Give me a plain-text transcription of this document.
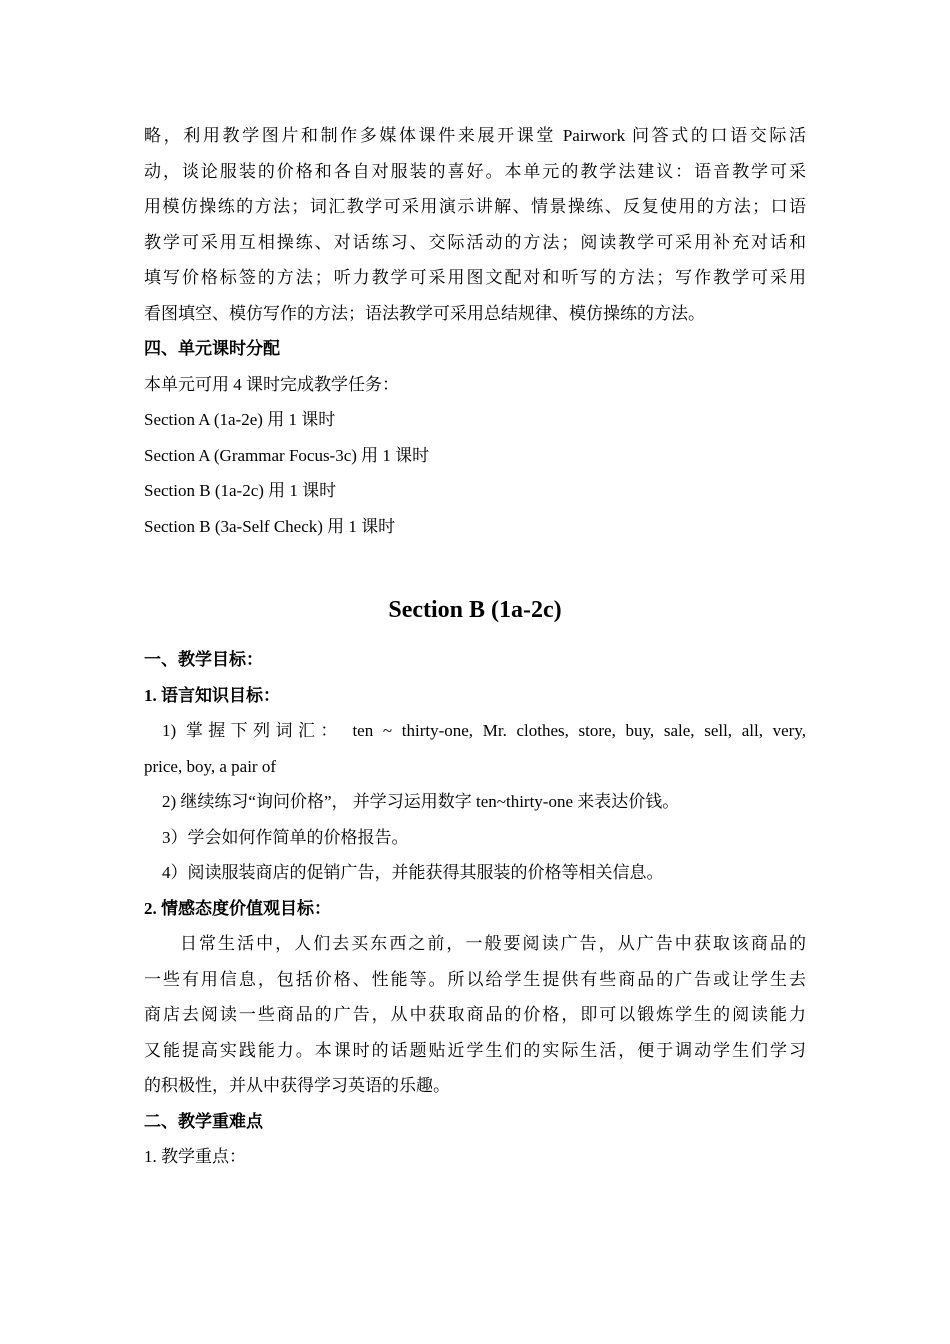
略，利用教学图片和制作多媒体课件来展开课堂 Pairwork 问答式的口语交际活
动，谈论服装的价格和各自对服装的喜好。本单元的教学法建议：语音教学可采
用模仿操练的方法；词汇教学可采用演示讲解、情景操练、反复使用的方法；口语
教学可采用互相操练、对话练习、交际活动的方法；阅读教学可采用补充对话和
填写价格标签的方法；听力教学可采用图文配对和听写的方法；写作教学可采用
看图填空、模仿写作的方法；语法教学可采用总结规律、模仿操练的方法。
四、单元课时分配
本单元可用 4 课时完成教学任务：
Section A (1a-2e) 用 1 课时
Section A (Grammar Focus-3c) 用 1 课时
Section B (1a-2c) 用 1 课时
Section B (3a-Self Check) 用 1 课时
Section B (1a-2c)
一、教学目标：
1. 语言知识目标：
1) 掌握下列词汇： ten ~ thirty-one, Mr. clothes, store, buy, sale, sell, all, very,
price, boy, a pair of
2) 继续练习“询问价格”， 并学习运用数字 ten~thirty-one 来表达价钱。
3）学会如何作简单的价格报告。
4）阅读服装商店的促销广告，并能获得其服装的价格等相关信息。
2. 情感态度价值观目标：
日常生活中，人们去买东西之前，一般要阅读广告，从广告中获取该商品的
一些有用信息，包括价格、性能等。所以给学生提供有些商品的广告或让学生去
商店去阅读一些商品的广告，从中获取商品的价格，即可以锻炼学生的阅读能力
又能提高实践能力。本课时的话题贴近学生们的实际生活，便于调动学生们学习
的积极性，并从中获得学习英语的乐趣。
二、教学重难点
1. 教学重点：
